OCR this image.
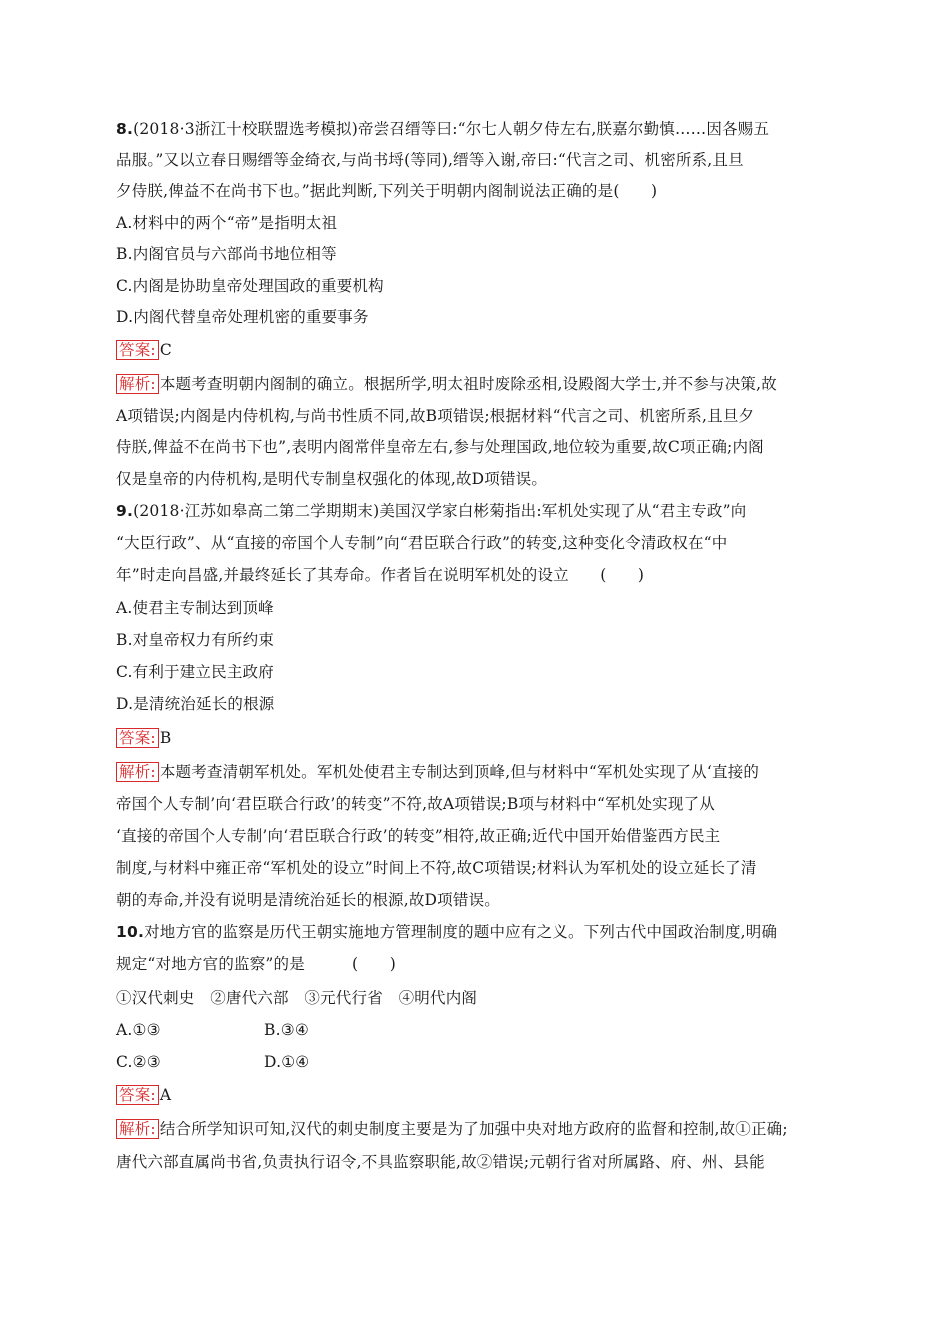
8.(2018·3浙江十校联盟选考模拟)帝尝召缙等曰:“尔七人朝夕侍左右,朕嘉尔勤慎……因各赐五
品服。”又以立春日赐缙等金绮衣,与尚书埒(等同),缙等入谢,帝曰:“代言之司、机密所系,且旦
夕侍朕,俾益不在尚书下也。”据此判断,下列关于明朝内阁制说法正确的是(　　)
A.材料中的两个“帝”是指明太祖
B.内阁官员与六部尚书地位相等
C.内阁是协助皇帝处理国政的重要机构
D.内阁代替皇帝处理机密的重要事务
答案: C
解析: 本题考查明朝内阁制的确立。根据所学,明太祖时废除丞相,设殿阁大学士,并不参与决策,故
A项错误;内阁是内侍机构,与尚书性质不同,故B项错误;根据材料“代言之司、机密所系,且旦夕
侍朕,俾益不在尚书下也”,表明内阁常伴皇帝左右,参与处理国政,地位较为重要,故C项正确;内阁
仅是皇帝的内侍机构,是明代专制皇权强化的体现,故D项错误。
9.(2018·江苏如皋高二第二学期期末)美国汉学家白彬菊指出:军机处实现了从“君主专政”向
“大臣行政”、从“直接的帝国个人专制”向“君臣联合行政”的转变,这种变化令清政权在“中
年”时走向昌盛,并最终延长了其寿命。作者旨在说明军机处的设立　　(　　)
A.使君主专制达到顶峰
B.对皇帝权力有所约束
C.有利于建立民主政府
D.是清统治延长的根源
答案: B
解析: 本题考查清朝军机处。军机处使君主专制达到顶峰,但与材料中“军机处实现了从‘直接的
帝国个人专制’向‘君臣联合行政’的转变”不符,故A项错误;B项与材料中“军机处实现了从
‘直接的帝国个人专制’向‘君臣联合行政’的转变”相符,故正确;近代中国开始借鉴西方民主
制度,与材料中雍正帝“军机处的设立”时间上不符,故C项错误;材料认为军机处的设立延长了清
朝的寿命,并没有说明是清统治延长的根源,故D项错误。
10.对地方官的监察是历代王朝实施地方管理制度的题中应有之义。下列古代中国政治制度,明确
规定“对地方官的监察”的是　　　(　　)
①汉代刺史　②唐代六部　③元代行省　④明代内阁
A.①③	B.③④
C.②③	D.①④
答案: A
解析: 结合所学知识可知,汉代的刺史制度主要是为了加强中央对地方政府的监督和控制,故①正确;
唐代六部直属尚书省,负责执行诏令,不具监察职能,故②错误;元朝行省对所属路、府、州、县能
